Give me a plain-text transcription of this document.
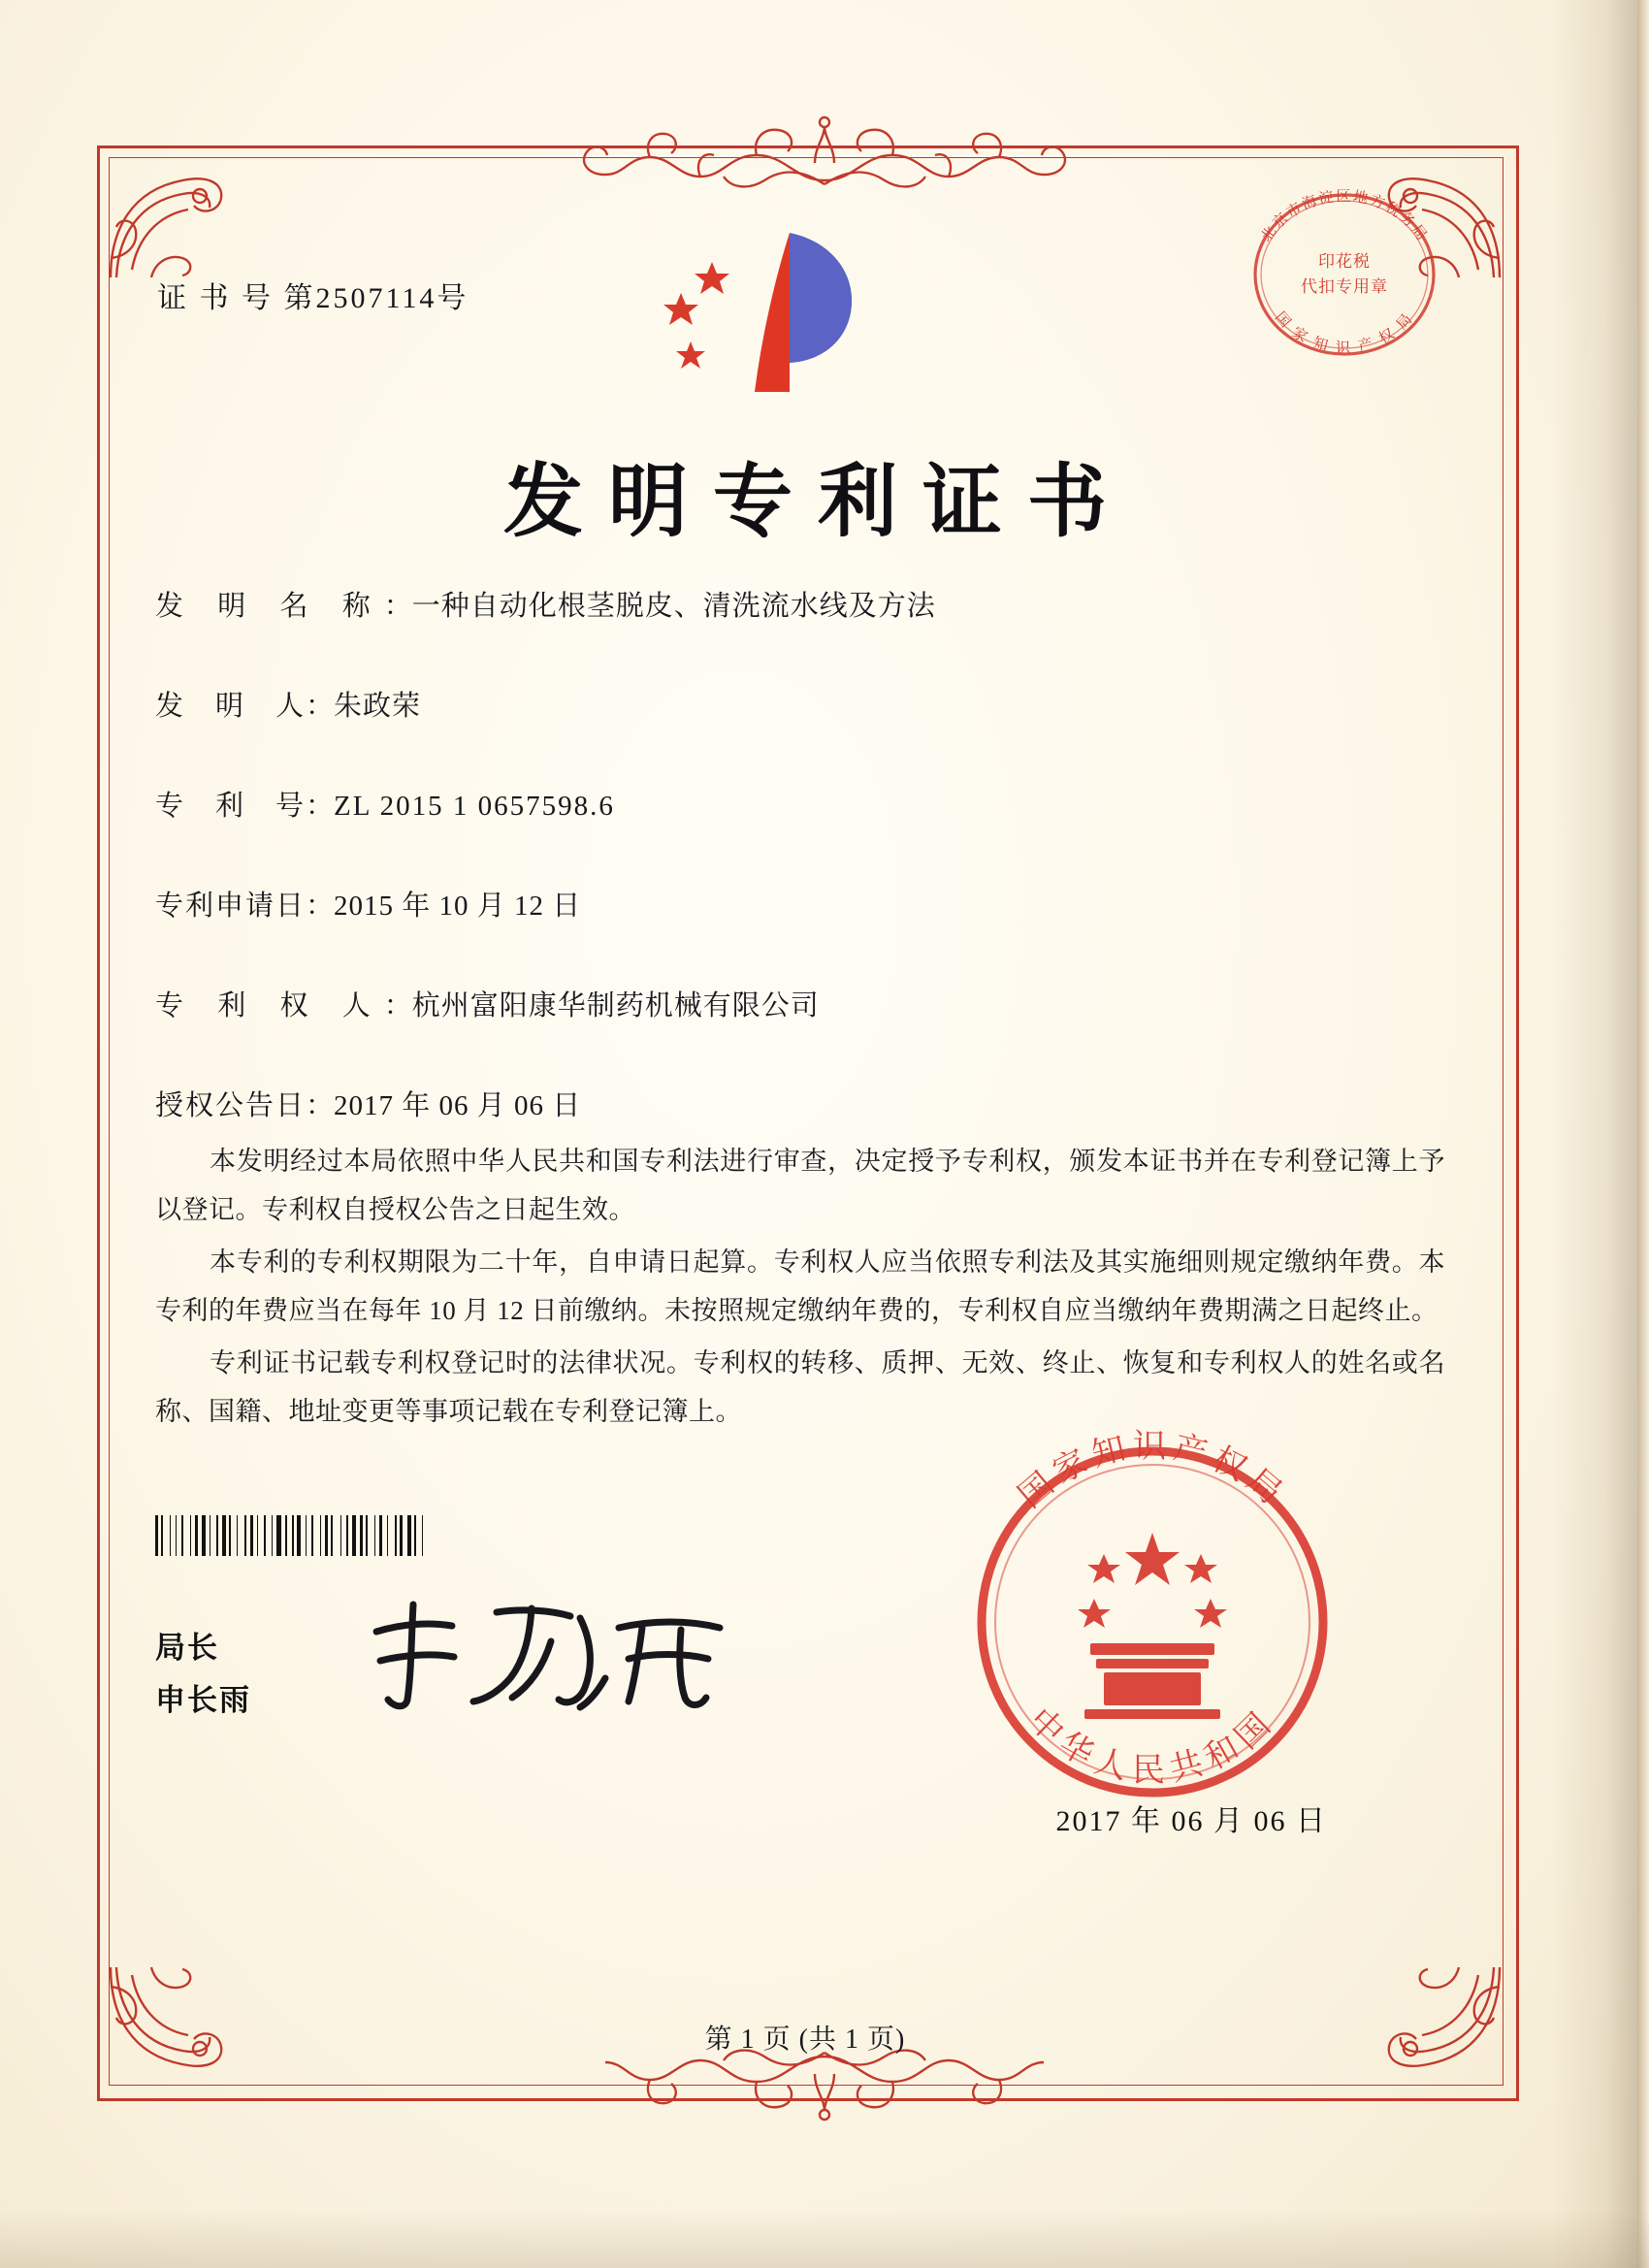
证 书 号 第2507114号
北京市海淀区地方税务局
国 家 知 识 产 权 局
印花税
代扣专用章
发明专利证书
发 明 名 称：一种自动化根茎脱皮、清洗流水线及方法
发　明　人：朱政荣
专　利　号：ZL 2015 1 0657598.6
专利申请日：2015 年 10 月 12 日
专 利 权 人：杭州富阳康华制药机械有限公司
授权公告日：2017 年 06 月 06 日

本发明经过本局依照中华人民共和国专利法进行审查，决定授予专利权，颁发本证书并在专利登记簿上予以登记。专利权自授权公告之日起生效。

本专利的专利权期限为二十年，自申请日起算。专利权人应当依照专利法及其实施细则规定缴纳年费。本专利的年费应当在每年 10 月 12 日前缴纳。未按照规定缴纳年费的，专利权自应当缴纳年费期满之日起终止。

专利证书记载专利权登记时的法律状况。专利权的转移、质押、无效、终止、恢复和专利权人的姓名或名称、国籍、地址变更等事项记载在专利登记簿上。

局长
申长雨
国家知识产权局
中华人民共和国
2017 年 06 月 06 日
第 1 页 (共 1 页)
